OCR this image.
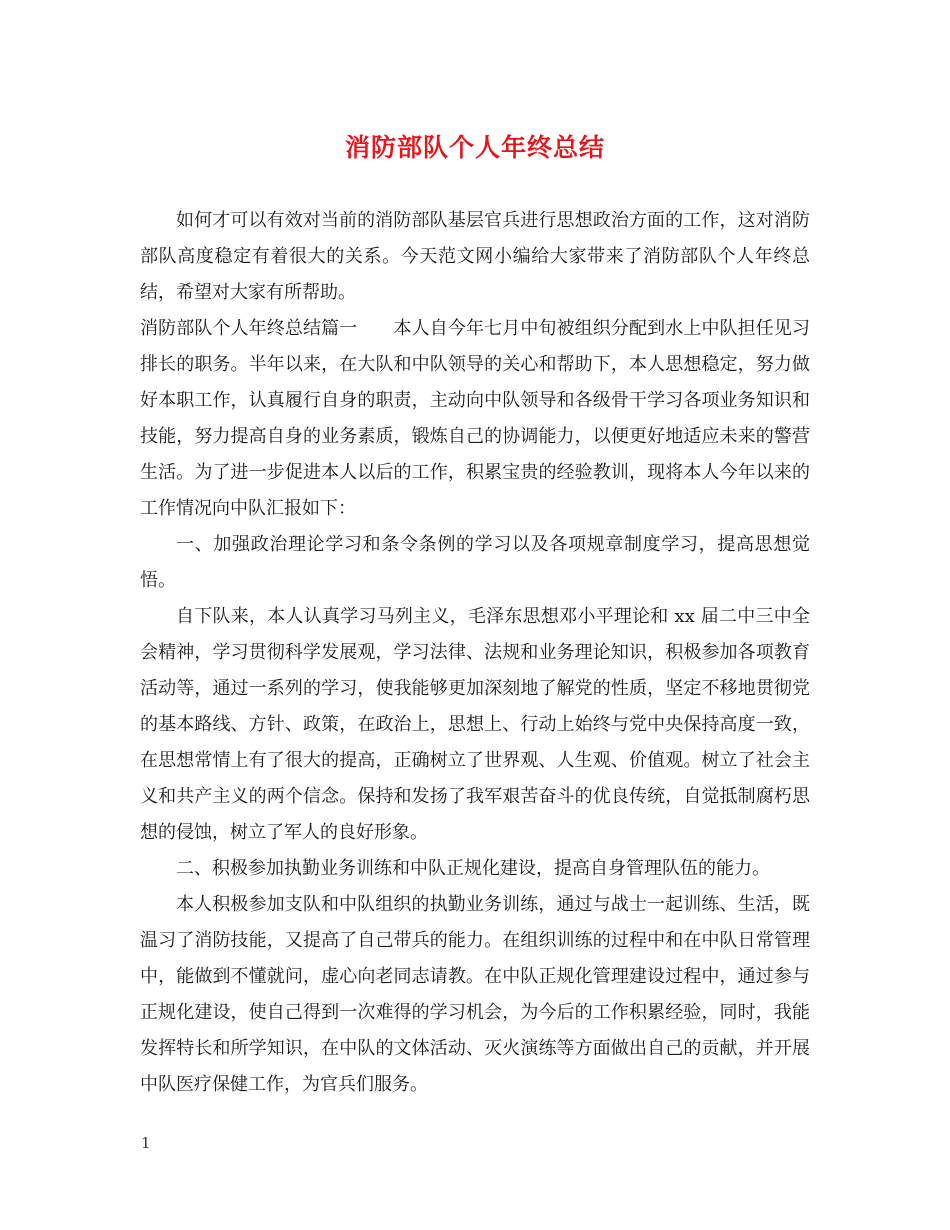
消防部队个人年终总结

如何才可以有效对当前的消防部队基层官兵进行思想政治方面的工作，这对消防部队高度稳定有着很大的关系。今天范文网小编给大家带来了消防部队个人年终总结，希望对大家有所帮助。

消防部队个人年终总结篇一　　本人自今年七月中旬被组织分配到水上中队担任见习排长的职务。半年以来，在大队和中队领导的关心和帮助下，本人思想稳定，努力做好本职工作，认真履行自身的职责，主动向中队领导和各级骨干学习各项业务知识和技能，努力提高自身的业务素质，锻炼自己的协调能力，以便更好地适应未来的警营生活。为了进一步促进本人以后的工作，积累宝贵的经验教训，现将本人今年以来的工作情况向中队汇报如下：

一、加强政治理论学习和条令条例的学习以及各项规章制度学习，提高思想觉悟。

自下队来，本人认真学习马列主义，毛泽东思想邓小平理论和 xx 届二中三中全会精神，学习贯彻科学发展观，学习法律、法规和业务理论知识，积极参加各项教育活动等，通过一系列的学习，使我能够更加深刻地了解党的性质，坚定不移地贯彻党的基本路线、方针、政策，在政治上，思想上、行动上始终与党中央保持高度一致，在思想常情上有了很大的提高，正确树立了世界观、人生观、价值观。树立了社会主义和共产主义的两个信念。保持和发扬了我军艰苦奋斗的优良传统，自觉抵制腐朽思想的侵蚀，树立了军人的良好形象。

二、积极参加执勤业务训练和中队正规化建设，提高自身管理队伍的能力。

本人积极参加支队和中队组织的执勤业务训练，通过与战士一起训练、生活，既温习了消防技能，又提高了自己带兵的能力。在组织训练的过程中和在中队日常管理中，能做到不懂就问，虚心向老同志请教。在中队正规化管理建设过程中，通过参与正规化建设，使自己得到一次难得的学习机会，为今后的工作积累经验，同时，我能发挥特长和所学知识，在中队的文体活动、灭火演练等方面做出自己的贡献，并开展中队医疗保健工作，为官兵们服务。

1
